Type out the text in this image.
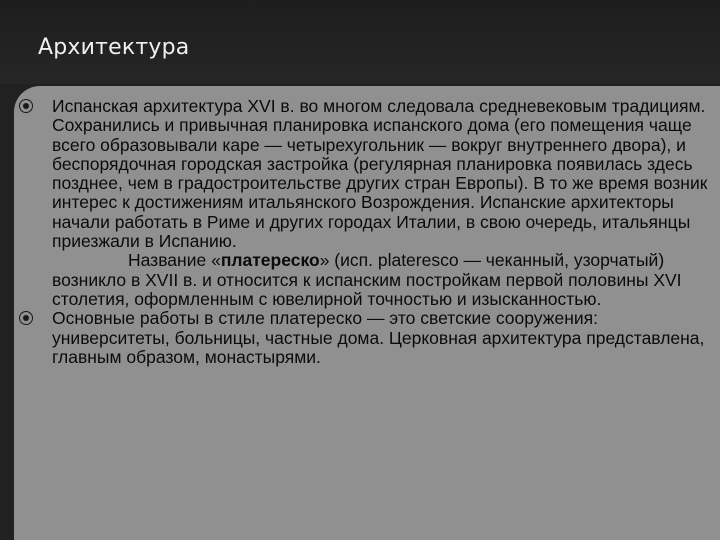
Архитектура
Испанская архитектура XVI в. во многом следовала средневековым традициям. Сохранились и привычная планировка испанского дома (его помещения чаще всего образовывали каре — четырехугольник — вокруг внутреннего двора), и беспорядочная городская застройка (регулярная планировка появилась здесь позднее, чем в градостроительстве других стран Европы). В то же время возник интерес к достижениям итальянского Возрождения. Испанские архитекторы начали работать в Риме и других городах Италии, в свою очередь, итальянцы приезжали в Испанию.
Название «платереско» (исп. plateresco — чеканный, узорчатый) возникло в XVII в. и относится к испанским постройкам первой половины XVI столетия, оформленным с ювелирной точностью и изысканностью.
Основные работы в стиле платереско — это светские сооружения: университеты, больницы, частные дома. Церковная архитектура представлена, главным образом, монастырями.
